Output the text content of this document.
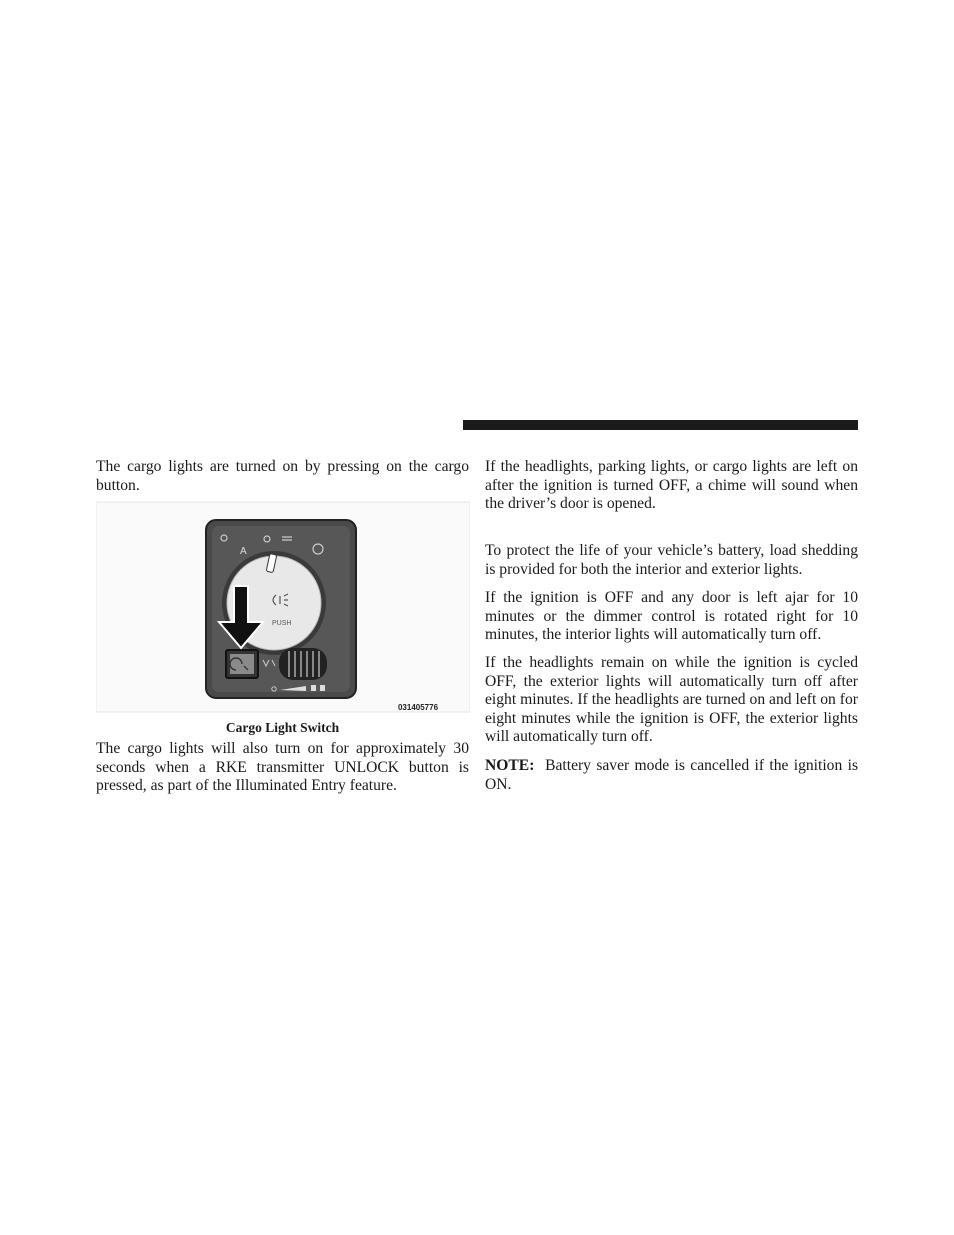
The cargo lights are turned on by pressing on the cargo button.

A
PUSH
031405776
Cargo Light Switch

The cargo lights will also turn on for approximately 30 seconds when a RKE transmitter UNLOCK button is pressed, as part of the Illuminated Entry feature.

If the headlights, parking lights, or cargo lights are left on after the ignition is turned OFF, a chime will sound when the driver’s door is opened.

To protect the life of your vehicle’s battery, load shedding is provided for both the interior and exterior lights.

If the ignition is OFF and any door is left ajar for 10 minutes or the dimmer control is rotated right for 10 minutes, the interior lights will automatically turn off.

If the headlights remain on while the ignition is cycled OFF, the exterior lights will automatically turn off after eight minutes. If the headlights are turned on and left on for eight minutes while the ignition is OFF, the exterior lights will automatically turn off.

NOTE: Battery saver mode is cancelled if the ignition is ON.
